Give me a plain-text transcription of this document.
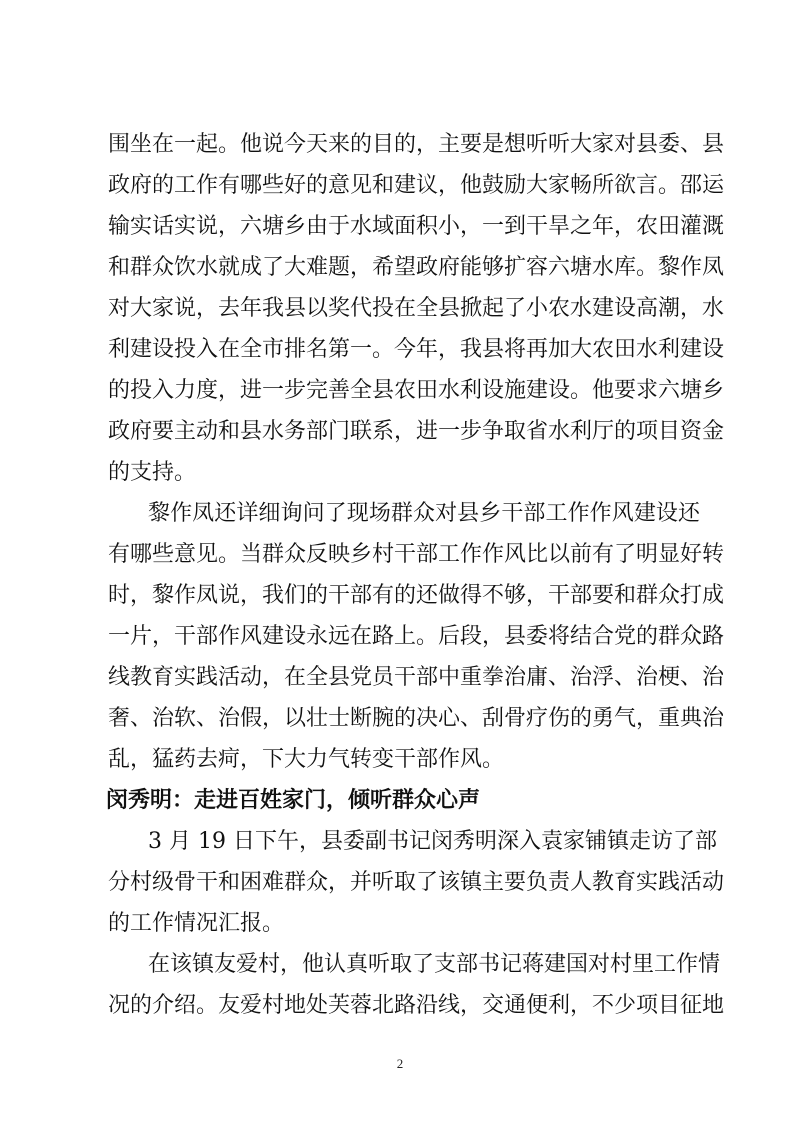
围坐在一起。他说今天来的目的，主要是想听听大家对县委、县
政府的工作有哪些好的意见和建议，他鼓励大家畅所欲言。邵运
输实话实说，六塘乡由于水域面积小，一到干旱之年，农田灌溉
和群众饮水就成了大难题，希望政府能够扩容六塘水库。黎作凤
对大家说，去年我县以奖代投在全县掀起了小农水建设高潮，水
利建设投入在全市排名第一。今年，我县将再加大农田水利建设
的投入力度，进一步完善全县农田水利设施建设。他要求六塘乡
政府要主动和县水务部门联系，进一步争取省水利厅的项目资金
的支持。
黎作凤还详细询问了现场群众对县乡干部工作作风建设还
有哪些意见。当群众反映乡村干部工作作风比以前有了明显好转
时，黎作凤说，我们的干部有的还做得不够，干部要和群众打成
一片，干部作风建设永远在路上。后段，县委将结合党的群众路
线教育实践活动，在全县党员干部中重拳治庸、治浮、治梗、治
奢、治软、治假，以壮士断腕的决心、刮骨疗伤的勇气，重典治
乱，猛药去疴，下大力气转变干部作风。
闵秀明：走进百姓家门，倾听群众心声
3 月 19 日下午，县委副书记闵秀明深入袁家铺镇走访了部
分村级骨干和困难群众，并听取了该镇主要负责人教育实践活动
的工作情况汇报。
在该镇友爱村，他认真听取了支部书记蒋建国对村里工作情
况的介绍。友爱村地处芙蓉北路沿线，交通便利，不少项目征地
2
